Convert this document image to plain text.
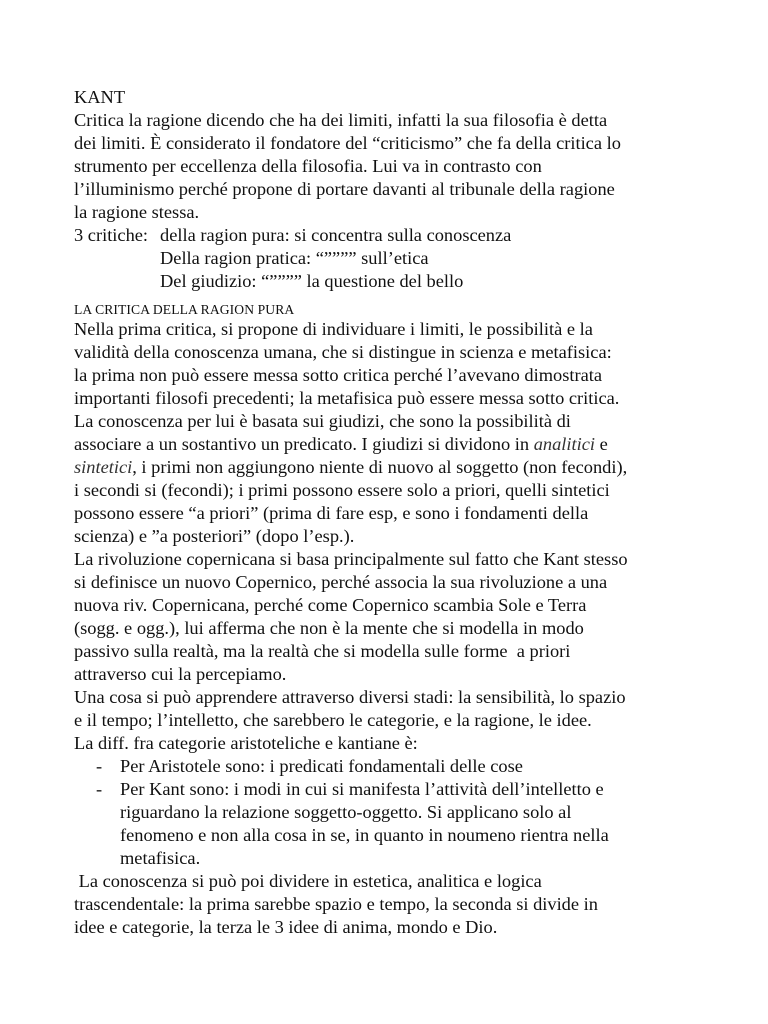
KANT
Critica la ragione dicendo che ha dei limiti, infatti la sua filosofia è detta
dei limiti. È considerato il fondatore del “criticismo” che fa della critica lo
strumento per eccellenza della filosofia. Lui va in contrasto con
l’illuminismo perché propone di portare davanti al tribunale della ragione
la ragione stessa.
3 critiche: della ragion pura: si concentra sulla conoscenza
Della ragion pratica: “”””” sull’etica
Del giudizio: “”””” la questione del bello
LA CRITICA DELLA RAGION PURA
Nella prima critica, si propone di individuare i limiti, le possibilità e la
validità della conoscenza umana, che si distingue in scienza e metafisica:
la prima non può essere messa sotto critica perché l’avevano dimostrata
importanti filosofi precedenti; la metafisica può essere messa sotto critica.
La conoscenza per lui è basata sui giudizi, che sono la possibilità di
associare a un sostantivo un predicato. I giudizi si dividono in analitici e
sintetici, i primi non aggiungono niente di nuovo al soggetto (non fecondi),
i secondi si (fecondi); i primi possono essere solo a priori, quelli sintetici
possono essere “a priori” (prima di fare esp, e sono i fondamenti della
scienza) e ”a posteriori” (dopo l’esp.).
La rivoluzione copernicana si basa principalmente sul fatto che Kant stesso
si definisce un nuovo Copernico, perché associa la sua rivoluzione a una
nuova riv. Copernicana, perché come Copernico scambia Sole e Terra
(sogg. e ogg.), lui afferma che non è la mente che si modella in modo
passivo sulla realtà, ma la realtà che si modella sulle forme  a priori
attraverso cui la percepiamo.
Una cosa si può apprendere attraverso diversi stadi: la sensibilità, lo spazio
e il tempo; l’intelletto, che sarebbero le categorie, e la ragione, le idee.
La diff. fra categorie aristoteliche e kantiane è:
- Per Aristotele sono: i predicati fondamentali delle cose
- Per Kant sono: i modi in cui si manifesta l’attività dell’intelletto e
riguardano la relazione soggetto-oggetto. Si applicano solo al
fenomeno e non alla cosa in se, in quanto in noumeno rientra nella
metafisica.
La conoscenza si può poi dividere in estetica, analitica e logica
trascendentale: la prima sarebbe spazio e tempo, la seconda si divide in
idee e categorie, la terza le 3 idee di anima, mondo e Dio.
